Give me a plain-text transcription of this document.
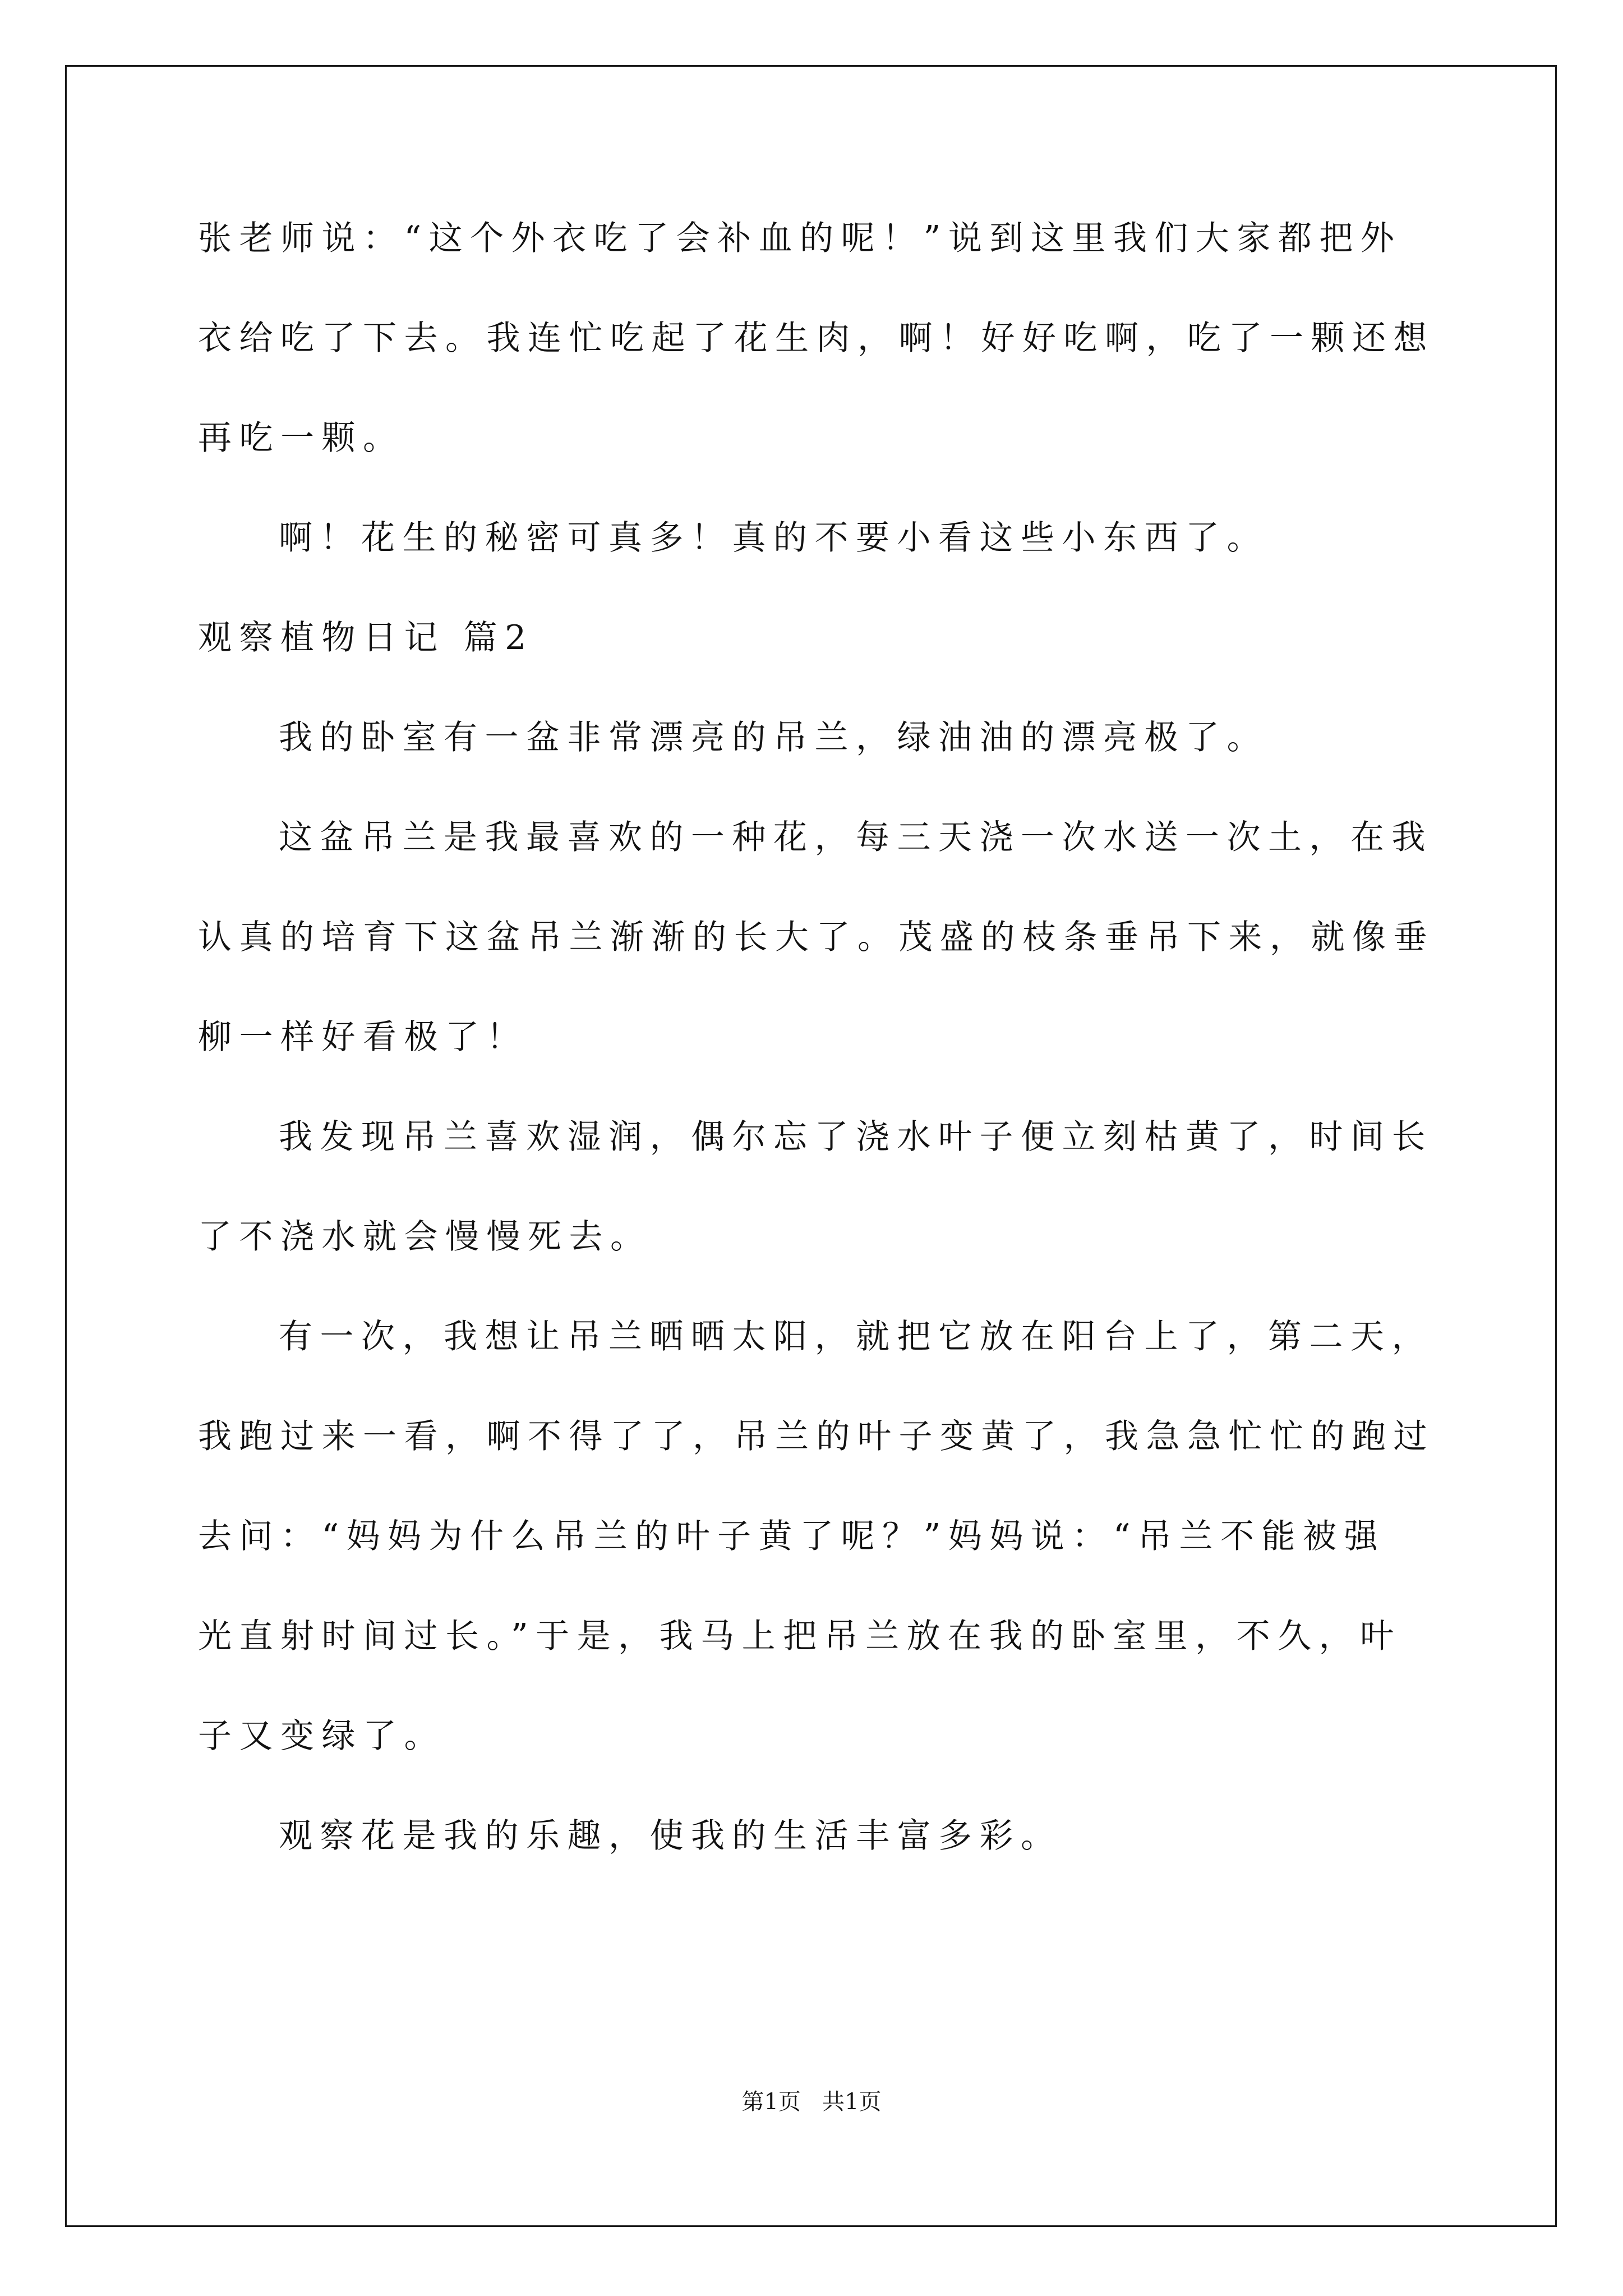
张老师说：“这个外衣吃了会补血的呢！”说到这里我们大家都把外
衣给吃了下去。我连忙吃起了花生肉，啊！好好吃啊，吃了一颗还想
再吃一颗。
啊！花生的秘密可真多！真的不要小看这些小东西了。
观察植物日记 篇2
我的卧室有一盆非常漂亮的吊兰，绿油油的漂亮极了。
这盆吊兰是我最喜欢的一种花，每三天浇一次水送一次土，在我
认真的培育下这盆吊兰渐渐的长大了。茂盛的枝条垂吊下来，就像垂
柳一样好看极了！
我发现吊兰喜欢湿润，偶尔忘了浇水叶子便立刻枯黄了，时间长
了不浇水就会慢慢死去。
有一次，我想让吊兰晒晒太阳，就把它放在阳台上了，第二天，
我跑过来一看，啊不得了了，吊兰的叶子变黄了，我急急忙忙的跑过
去问：“妈妈为什么吊兰的叶子黄了呢？”妈妈说：“吊兰不能被强
光直射时间过长。”于是，我马上把吊兰放在我的卧室里，不久，叶
子又变绿了。
观察花是我的乐趣，使我的生活丰富多彩。
第1页   共1页
